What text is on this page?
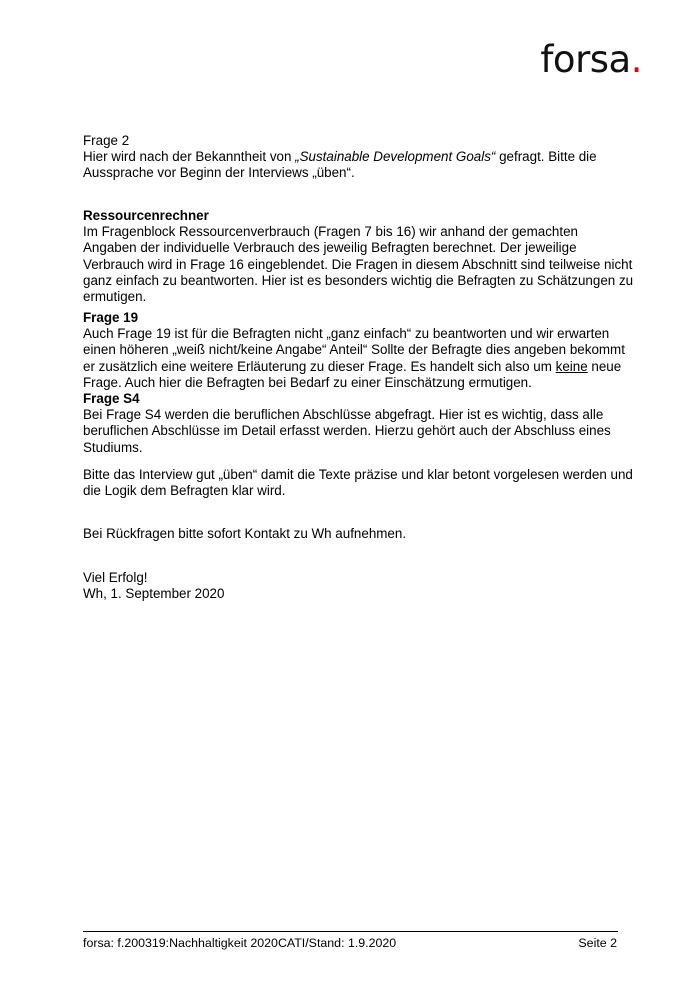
forsa.
Frage 2
Hier wird nach der Bekanntheit von „Sustainable Development Goals“ gefragt. Bitte die
Aussprache vor Beginn der Interviews „üben“.
Ressourcenrechner
Im Fragenblock Ressourcenverbrauch (Fragen 7 bis 16) wir anhand der gemachten
Angaben der individuelle Verbrauch des jeweilig Befragten berechnet. Der jeweilige
Verbrauch wird in Frage 16 eingeblendet. Die Fragen in diesem Abschnitt sind teilweise nicht
ganz einfach zu beantworten. Hier ist es besonders wichtig die Befragten zu Schätzungen zu
ermutigen.
Frage 19
Auch Frage 19 ist für die Befragten nicht „ganz einfach“ zu beantworten und wir erwarten
einen höheren „weiß nicht/keine Angabe“ Anteil“ Sollte der Befragte dies angeben bekommt
er zusätzlich eine weitere Erläuterung zu dieser Frage. Es handelt sich also um keine neue
Frage. Auch hier die Befragten bei Bedarf zu einer Einschätzung ermutigen.
Frage S4
Bei Frage S4 werden die beruflichen Abschlüsse abgefragt. Hier ist es wichtig, dass alle
beruflichen Abschlüsse im Detail erfasst werden. Hierzu gehört auch der Abschluss eines
Studiums.
Bitte das Interview gut „üben“ damit die Texte präzise und klar betont vorgelesen werden und
die Logik dem Befragten klar wird.
Bei Rückfragen bitte sofort Kontakt zu Wh aufnehmen.
Viel Erfolg!
Wh, 1. September 2020
forsa: f.200319:Nachhaltigkeit 2020CATI/Stand: 1.9.2020	Seite 2
